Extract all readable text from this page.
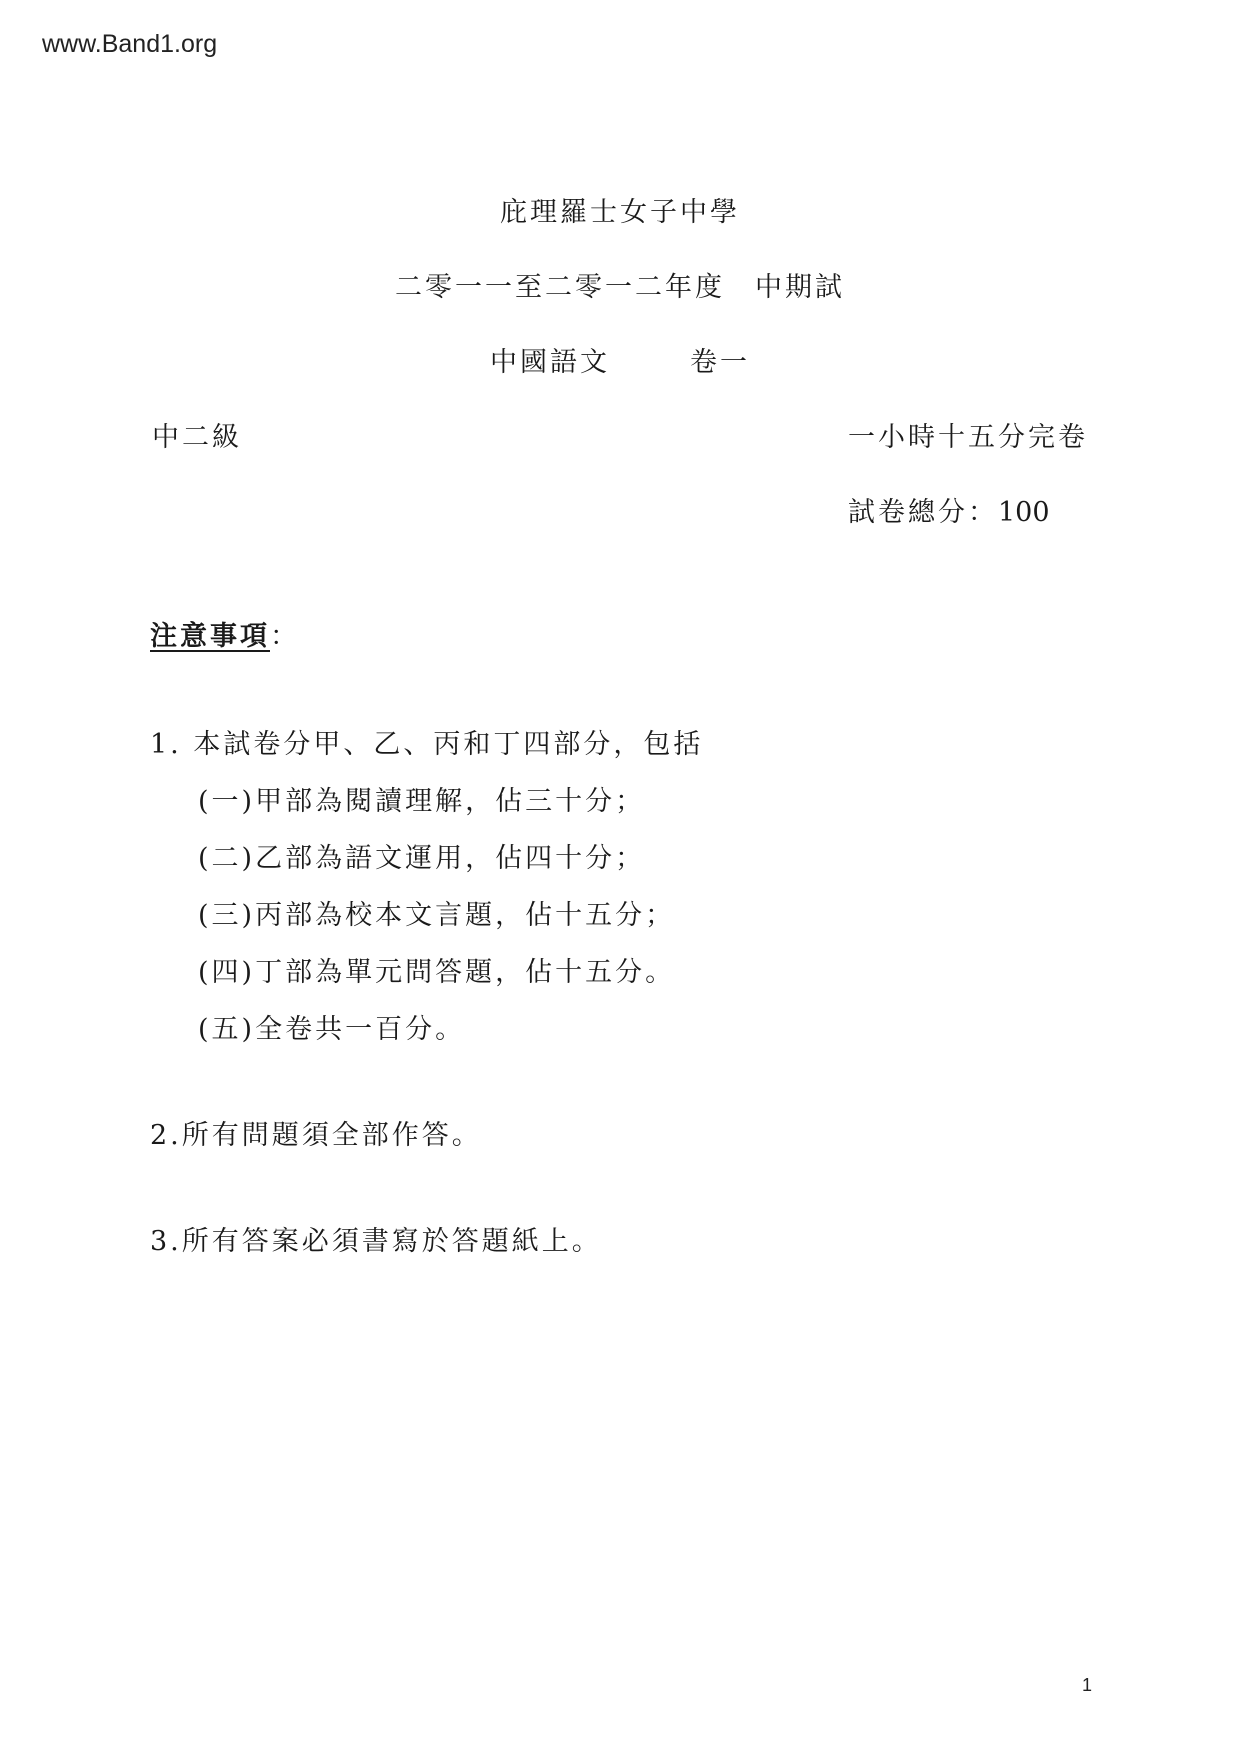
www.Band1.org
庇理羅士女子中學
二零一一至二零一二年度 中期試
中國語文	卷一
中二級	一小時十五分完卷
試卷總分：100
注意事項：
1. 本試卷分甲、乙、丙和丁四部分，包括
(一)甲部為閱讀理解，佔三十分；
(二)乙部為語文運用，佔四十分；
(三)丙部為校本文言題，佔十五分；
(四)丁部為單元問答題，佔十五分。
(五)全卷共一百分。
2.所有問題須全部作答。
3.所有答案必須書寫於答題紙上。
1
